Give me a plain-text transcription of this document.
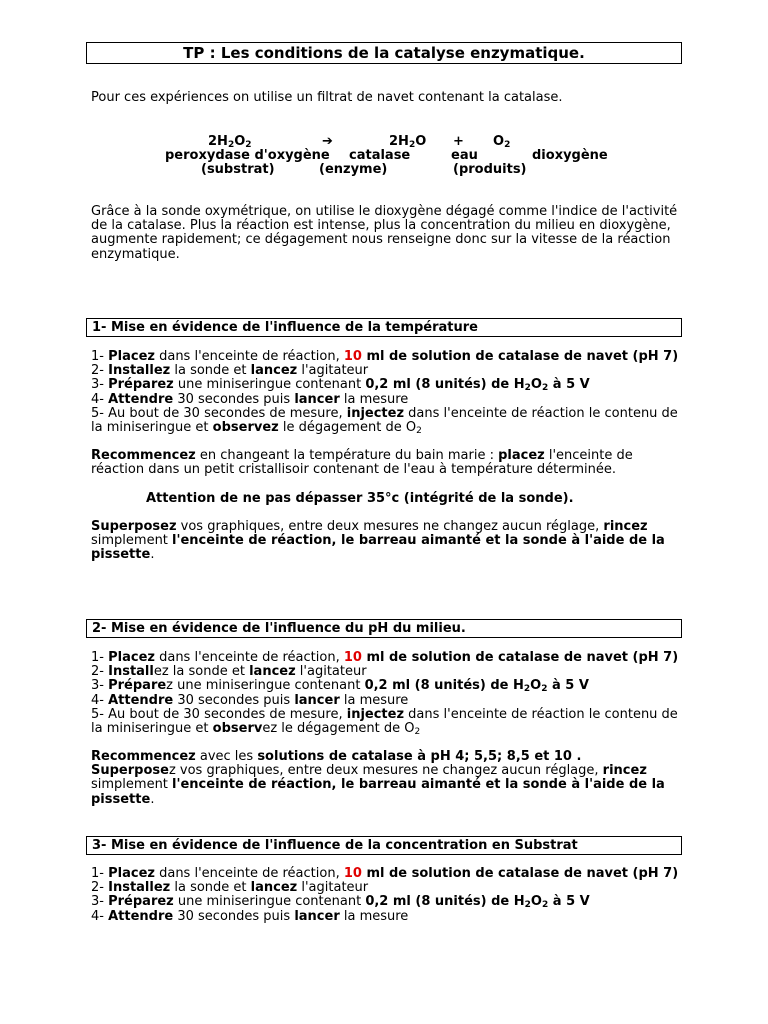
TP : Les conditions de la catalyse enzymatique.
Pour ces expériences on utilise un filtrat de navet contenant la catalase.
$2H_2O_2$	➔	$2H_2O + O_2$
peroxydase d'oxygène catalase	eau	dioxygène
(substrat)	(enzyme)	(produits)
Grâce à la sonde oxymétrique, on utilise le dioxygène dégagé comme l'indice de l'activité
de la catalase. Plus la réaction est intense, plus la concentration du milieu en dioxygène,
augmente rapidement; ce dégagement nous renseigne donc sur la vitesse de la réaction
enzymatique.
1- Mise en évidence de l'influence de la température
1- Placez dans l'enceinte de réaction, 10 ml de solution de catalase de navet (pH 7)
2- Installez la sonde et lancez l'agitateur
3- Préparez une miniseringue contenant 0,2 ml (8 unités) de $H_2O_2$ à 5 V
4- Attendre 30 secondes puis lancer la mesure
5- Au bout de 30 secondes de mesure, injectez dans l'enceinte de réaction le contenu de
la miniseringue et observez le dégagement de $O_2$
Recommencez en changeant la température du bain marie : placez l'enceinte de
réaction dans un petit cristallisoir contenant de l'eau à température déterminée.
Attention de ne pas dépasser 35°c (intégrité de la sonde).
Superposez vos graphiques, entre deux mesures ne changez aucun réglage, rincez
simplement l'enceinte de réaction, le barreau aimanté et la sonde à l'aide de la
pissette.
2- Mise en évidence de l'influence du pH du milieu.
1- Placez dans l'enceinte de réaction, 10 ml de solution de catalase de navet (pH 7)
2- Installez la sonde et lancez l'agitateur
3- Préparez une miniseringue contenant 0,2 ml (8 unités) de $H_2O_2$ à 5 V
4- Attendre 30 secondes puis lancer la mesure
5- Au bout de 30 secondes de mesure, injectez dans l'enceinte de réaction le contenu de
la miniseringue et observez le dégagement de $O_2$
Recommencez avec les solutions de catalase à pH 4; 5,5; 8,5 et 10 .
Superposez vos graphiques, entre deux mesures ne changez aucun réglage, rincez
simplement l'enceinte de réaction, le barreau aimanté et la sonde à l'aide de la
pissette.
3- Mise en évidence de l'influence de la concentration en Substrat
1- Placez dans l'enceinte de réaction, 10 ml de solution de catalase de navet (pH 7)
2- Installez la sonde et lancez l'agitateur
3- Préparez une miniseringue contenant 0,2 ml (8 unités) de $H_2O_2$ à 5 V
4- Attendre 30 secondes puis lancer la mesure
